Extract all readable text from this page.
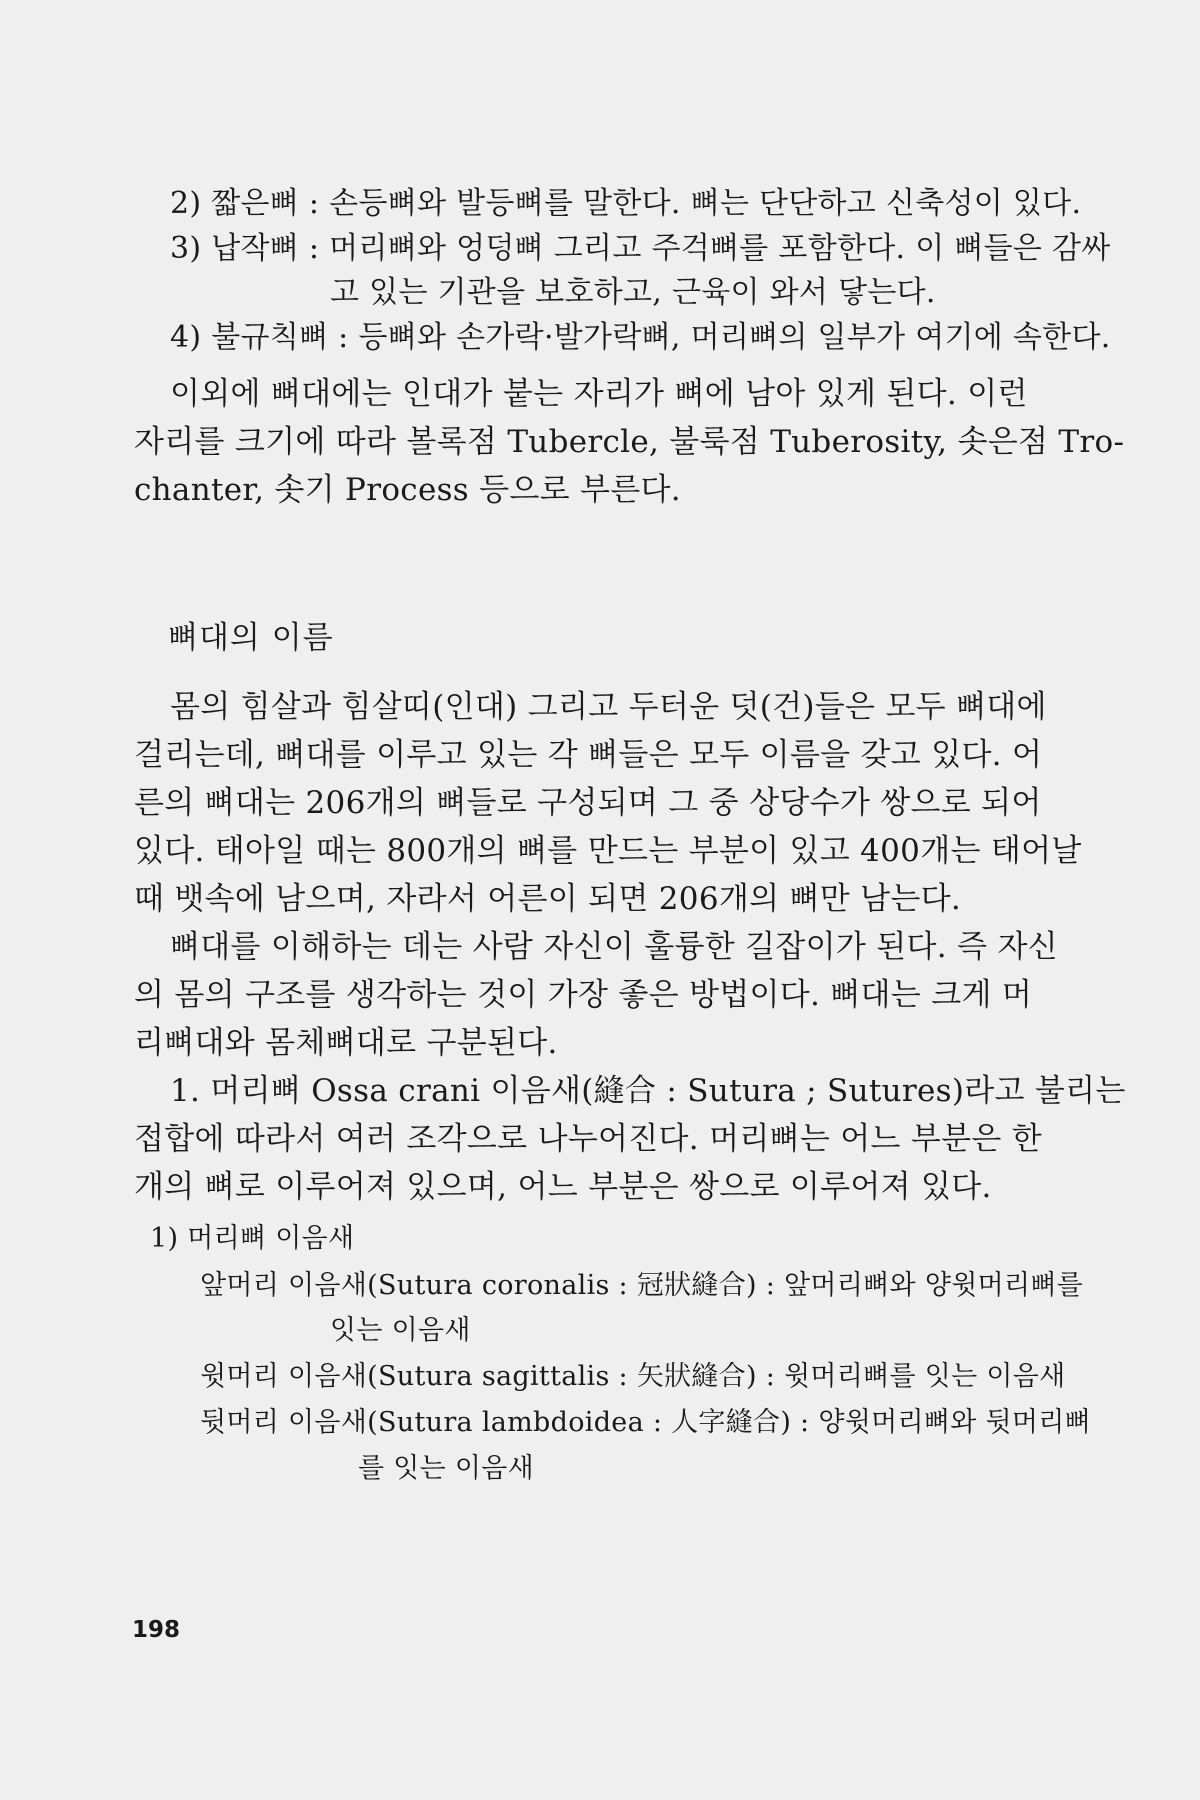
2) 짧은뼈 : 손등뼈와 발등뼈를 말한다. 뼈는 단단하고 신축성이 있다.
3) 납작뼈 : 머리뼈와 엉덩뼈 그리고 주걱뼈를 포함한다. 이 뼈들은 감싸
고 있는 기관을 보호하고, 근육이 와서 닿는다.
4) 불규칙뼈 : 등뼈와 손가락·발가락뼈, 머리뼈의 일부가 여기에 속한다.
이외에 뼈대에는 인대가 붙는 자리가 뼈에 남아 있게 된다. 이런
자리를 크기에 따라 볼록점 Tubercle, 불룩점 Tuberosity, 솟은점 Tro-
chanter, 솟기 Process 등으로 부른다.
뼈대의 이름
몸의 힘살과 힘살띠(인대) 그리고 두터운 덧(건)들은 모두 뼈대에
걸리는데, 뼈대를 이루고 있는 각 뼈들은 모두 이름을 갖고 있다. 어
른의 뼈대는 206개의 뼈들로 구성되며 그 중 상당수가 쌍으로 되어
있다. 태아일 때는 800개의 뼈를 만드는 부분이 있고 400개는 태어날
때 뱃속에 남으며, 자라서 어른이 되면 206개의 뼈만 남는다.
뼈대를 이해하는 데는 사람 자신이 훌륭한 길잡이가 된다. 즉 자신
의 몸의 구조를 생각하는 것이 가장 좋은 방법이다. 뼈대는 크게 머
리뼈대와 몸체뼈대로 구분된다.
1. 머리뼈 Ossa crani 이음새(縫合 : Sutura ; Sutures)라고 불리는
접합에 따라서 여러 조각으로 나누어진다. 머리뼈는 어느 부분은 한
개의 뼈로 이루어져 있으며, 어느 부분은 쌍으로 이루어져 있다.
1) 머리뼈 이음새
앞머리 이음새(Sutura coronalis : 冠狀縫合) : 앞머리뼈와 양윗머리뼈를
잇는 이음새
윗머리 이음새(Sutura sagittalis : 矢狀縫合) : 윗머리뼈를 잇는 이음새
뒷머리 이음새(Sutura lambdoidea : 人字縫合) : 양윗머리뼈와 뒷머리뼈
를 잇는 이음새
198
